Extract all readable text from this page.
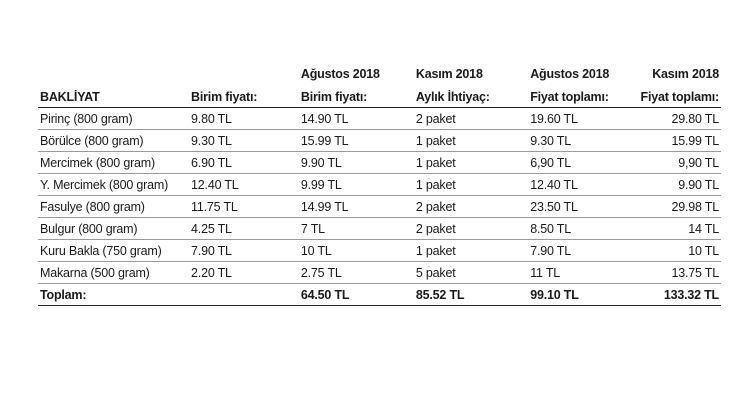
		Ağustos 2018	Kasım 2018	Ağustos 2018	Kasım 2018
BAKLİYAT	Birim fiyatı:	Birim fiyatı:	Aylık İhtiyaç:	Fiyat toplamı:	Fiyat toplamı:
Pirinç (800 gram)	9.80 TL	14.90 TL	2 paket	19.60 TL	29.80 TL
Börülce (800 gram)	9.30 TL	15.99 TL	1 paket	9.30 TL	15.99 TL
Mercimek (800 gram)	6.90 TL	9.90 TL	1 paket	6,90 TL	9,90 TL
Y. Mercimek (800 gram)	12.40 TL	9.99 TL	1 paket	12.40 TL	9.90 TL
Fasulye (800 gram)	11.75 TL	14.99 TL	2 paket	23.50 TL	29.98 TL
Bulgur (800 gram)	4.25 TL	7 TL	2 paket	8.50 TL	14 TL
Kuru Bakla (750 gram)	7.90 TL	10 TL	1 paket	7.90 TL	10 TL
Makarna (500 gram)	2.20 TL	2.75 TL	5 paket	11 TL	13.75 TL
Toplam:		64.50 TL	85.52 TL	99.10 TL	133.32 TL
